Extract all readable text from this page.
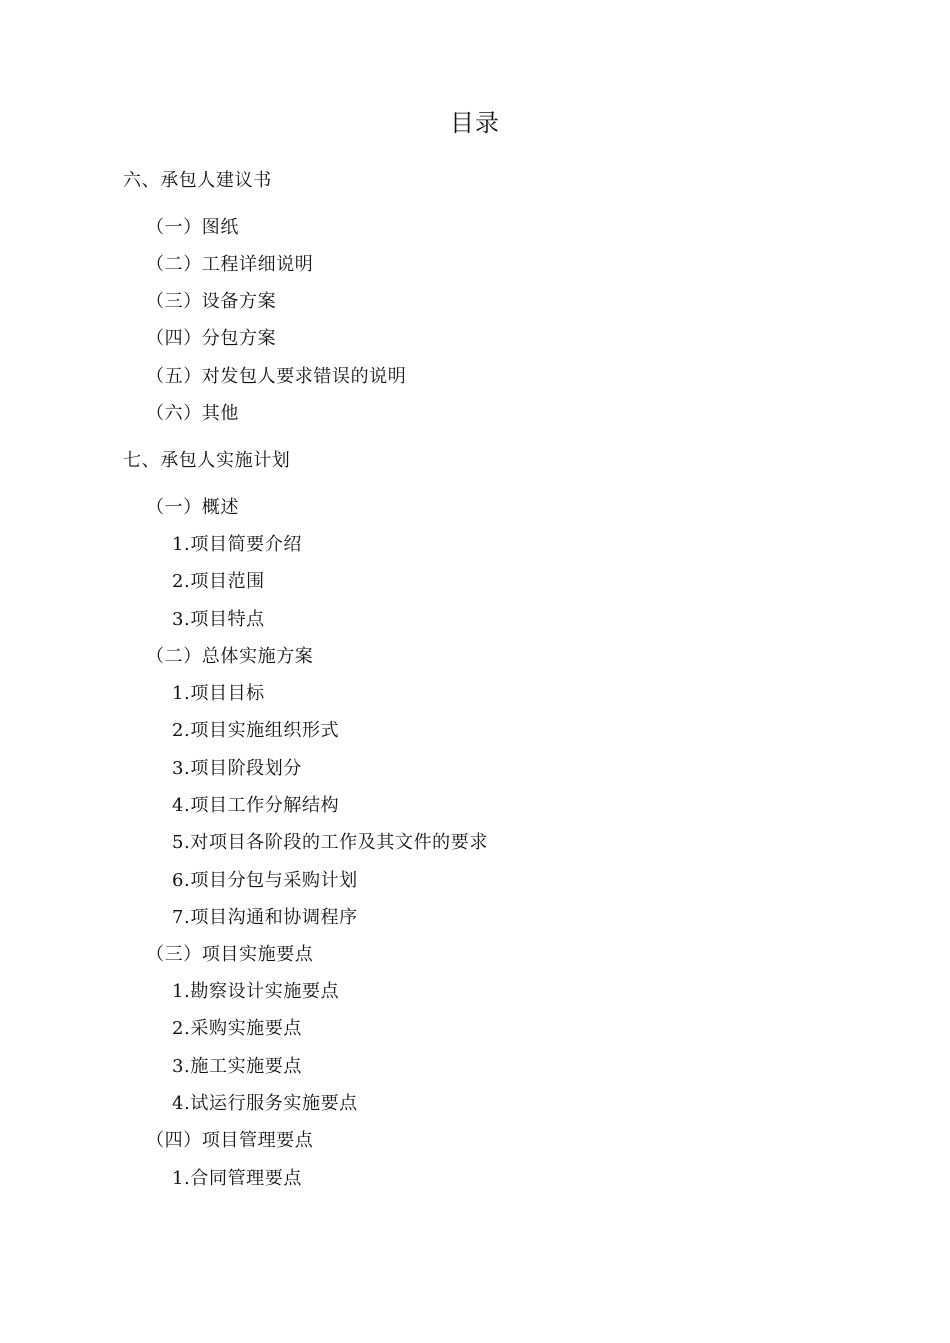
目录
六、承包人建议书
（一）图纸
（二）工程详细说明
（三）设备方案
（四）分包方案
（五）对发包人要求错误的说明
（六）其他
七、承包人实施计划
（一）概述
1.项目简要介绍
2.项目范围
3.项目特点
（二）总体实施方案
1.项目目标
2.项目实施组织形式
3.项目阶段划分
4.项目工作分解结构
5.对项目各阶段的工作及其文件的要求
6.项目分包与采购计划
7.项目沟通和协调程序
（三）项目实施要点
1.勘察设计实施要点
2.采购实施要点
3.施工实施要点
4.试运行服务实施要点
（四）项目管理要点
1.合同管理要点
